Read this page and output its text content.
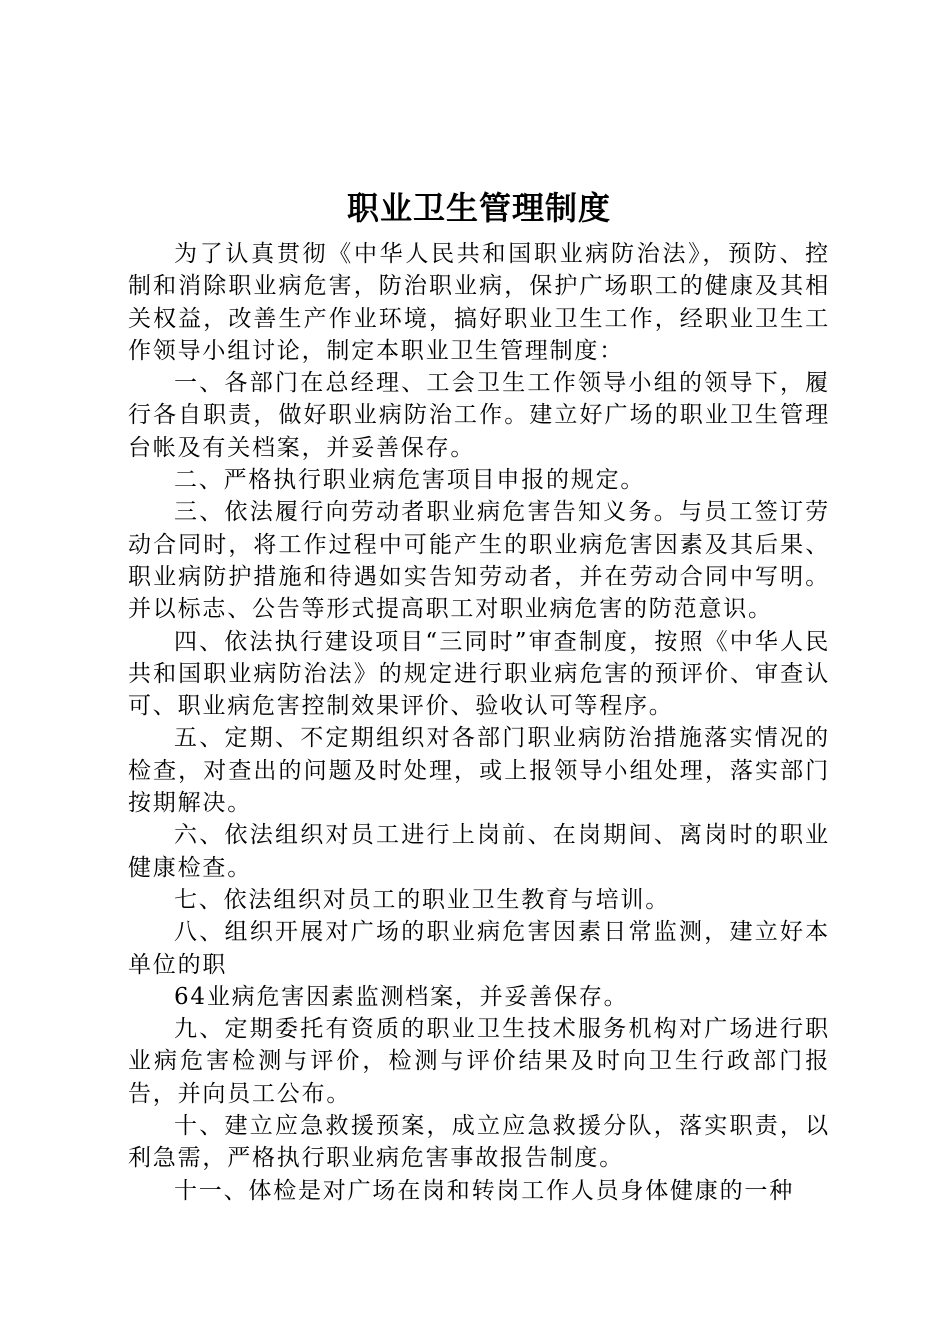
职业卫生管理制度

为了认真贯彻《中华人民共和国职业病防治法》，预防、控制和消除职业病危害，防治职业病，保护广场职工的健康及其相关权益，改善生产作业环境，搞好职业卫生工作，经职业卫生工作领导小组讨论，制定本职业卫生管理制度：

一、各部门在总经理、工会卫生工作领导小组的领导下，履行各自职责，做好职业病防治工作。建立好广场的职业卫生管理台帐及有关档案，并妥善保存。

二、严格执行职业病危害项目申报的规定。

三、依法履行向劳动者职业病危害告知义务。与员工签订劳动合同时，将工作过程中可能产生的职业病危害因素及其后果、职业病防护措施和待遇如实告知劳动者，并在劳动合同中写明。并以标志、公告等形式提高职工对职业病危害的防范意识。

四、依法执行建设项目“三同时”审查制度，按照《中华人民共和国职业病防治法》的规定进行职业病危害的预评价、审查认可、职业病危害控制效果评价、验收认可等程序。

五、定期、不定期组织对各部门职业病防治措施落实情况的检查，对查出的问题及时处理，或上报领导小组处理，落实部门按期解决。

六、依法组织对员工进行上岗前、在岗期间、离岗时的职业健康检查。

七、依法组织对员工的职业卫生教育与培训。

八、组织开展对广场的职业病危害因素日常监测，建立好本单位的职

64业病危害因素监测档案，并妥善保存。

九、定期委托有资质的职业卫生技术服务机构对广场进行职业病危害检测与评价，检测与评价结果及时向卫生行政部门报告，并向员工公布。

十、建立应急救援预案，成立应急救援分队，落实职责，以利急需，严格执行职业病危害事故报告制度。

十一、体检是对广场在岗和转岗工作人员身体健康的一种
